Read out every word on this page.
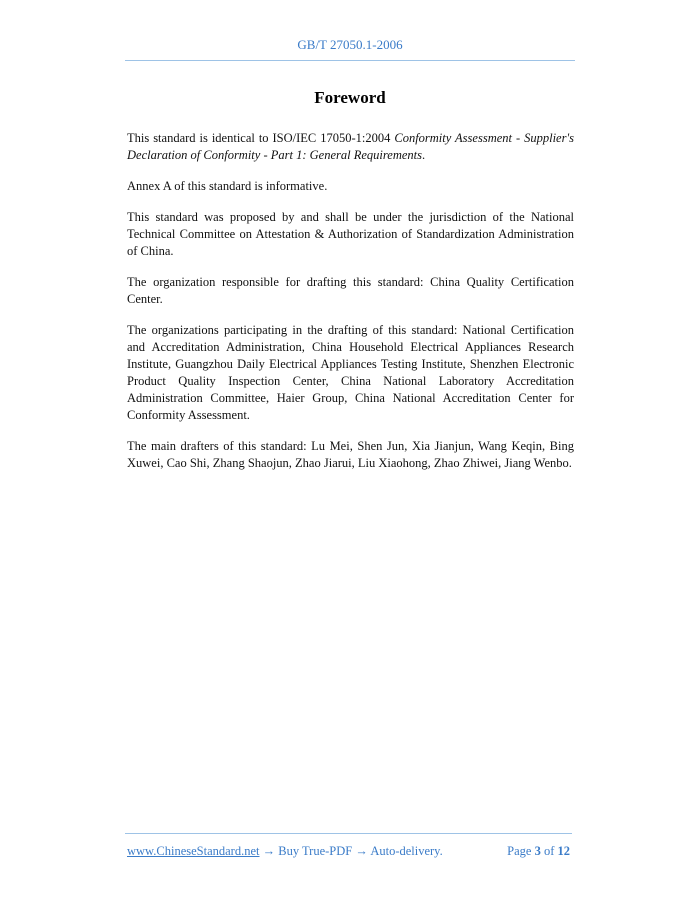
GB/T 27050.1-2006
Foreword

This standard is identical to ISO/IEC 17050-1:2004 Conformity Assessment - Supplier's Declaration of Conformity - Part 1: General Requirements.

Annex A of this standard is informative.

This standard was proposed by and shall be under the jurisdiction of the National Technical Committee on Attestation & Authorization of Standardization Administration of China.

The organization responsible for drafting this standard: China Quality Certification Center.

The organizations participating in the drafting of this standard: National Certification and Accreditation Administration, China Household Electrical Appliances Research Institute, Guangzhou Daily Electrical Appliances Testing Institute, Shenzhen Electronic Product Quality Inspection Center, China National Laboratory Accreditation Administration Committee, Haier Group, China National Accreditation Center for Conformity Assessment.

The main drafters of this standard: Lu Mei, Shen Jun, Xia Jianjun, Wang Keqin, Bing Xuwei, Cao Shi, Zhang Shaojun, Zhao Jiarui, Liu Xiaohong, Zhao Zhiwei, Jiang Wenbo.

www.ChineseStandard.net → Buy True-PDF → Auto-delivery.	Page 3 of 12
